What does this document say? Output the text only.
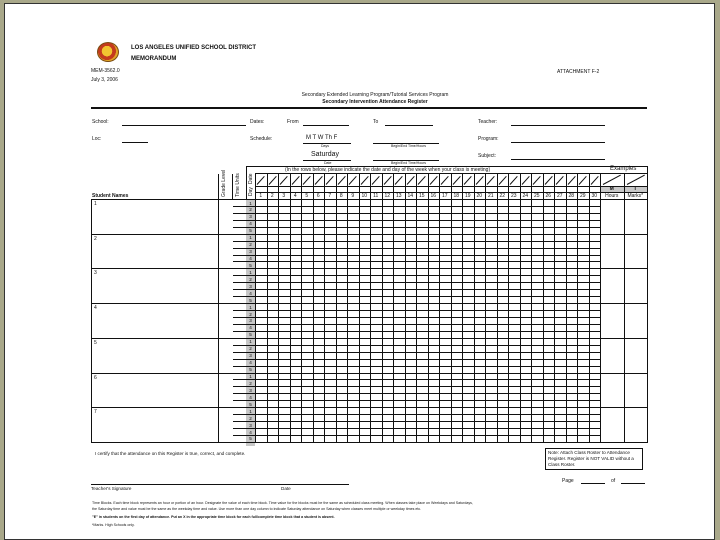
LOS ANGELES UNIFIED SCHOOL DISTRICT
MEMORANDUM
MEM-3562.0
July 3, 2006
ATTACHMENT F-2
Secondary Extended Learning Program/Tutorial Services Program
Secondary Intervention Attendance Register
School:	Dates:	From	To	Teacher:
Loc:	Schedule:	M T W Th F
Days	Begin/End Time/Hours
Program:
Saturday
Date	Begin/End Time/Hours
Subject:
(In the rows below, please indicate the date and day of the week when your class is meeting)	Examples
Grade Level Time Units Day
Date
Student Names	1	2	3	4	5	6	7	8	9	10	11	12	13	14	15	16	17	18	19	20	21	22	23	24	25	26	27	28	29	30
M	I
Hours	Marks*
1	1
2
3
4
5
2	1
2
3
4
5
3	1
2
3
4
5
4	1
2
3
4
5
5	1
2
3
4
5
6	1
2
3
4
5
7	1
2
3
4
5
I certify that the attendance on this Register is true, correct, and complete.
Teacher's Signature	Date
Note: Attach Class Roster to Attendance Register. Register is NOT VALID without a Class Roster.
Page	of
Time Blocks. Each time block represents an hour or portion of an hour. Designate the value of each time block. Time value for the blocks must be the same as scheduled class meeting. When classes take place on Weekdays and Saturdays,
the Saturday time and value must be the same as the weekday time and value. Use more than one day column to indicate Saturday attendance on Saturday when classes meet multiple or weekday times etc.
"E" in students on the first day of attendance. Put an X in the appropriate time block for each full/complete time block that a student is absent.
*Marks. High Schools only.
